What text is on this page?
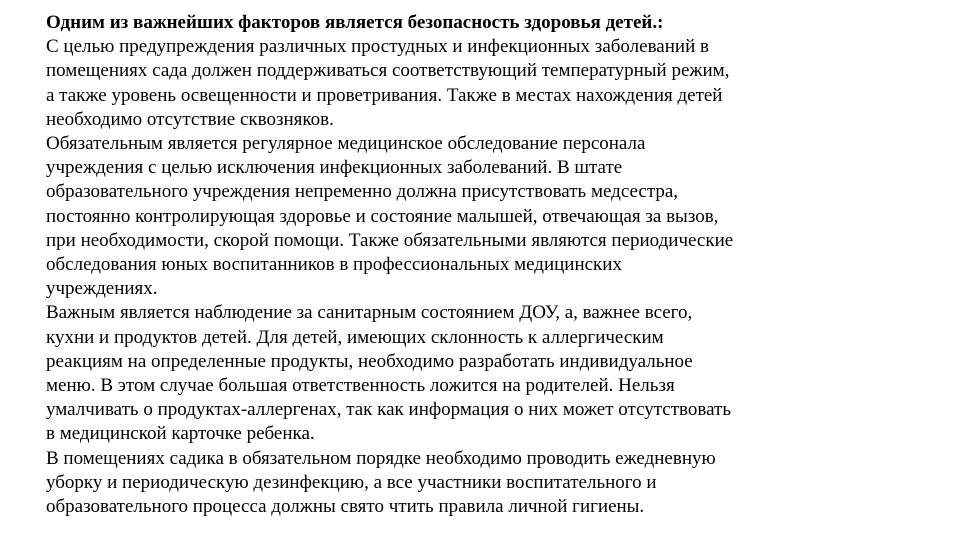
Одним из важнейших факторов является безопасность здоровья детей.:
С целью предупреждения различных простудных и инфекционных заболеваний в
помещениях сада должен поддерживаться соответствующий температурный режим,
а также уровень освещенности и проветривания. Также в местах нахождения детей
необходимо отсутствие сквозняков.
Обязательным является регулярное медицинское обследование персонала
учреждения с целью исключения инфекционных заболеваний. В штате
образовательного учреждения непременно должна присутствовать медсестра,
постоянно контролирующая здоровье и состояние малышей, отвечающая за вызов,
при необходимости, скорой помощи. Также обязательными являются периодические
обследования юных воспитанников в профессиональных медицинских
учреждениях.
Важным является наблюдение за санитарным состоянием ДОУ, а, важнее всего,
кухни и продуктов детей. Для детей, имеющих склонность к аллергическим
реакциям на определенные продукты, необходимо разработать индивидуальное
меню. В этом случае большая ответственность ложится на родителей. Нельзя
умалчивать о продуктах-аллергенах, так как информация о них может отсутствовать
в медицинской карточке ребенка.
В помещениях садика в обязательном порядке необходимо проводить ежедневную
уборку и периодическую дезинфекцию, а все участники воспитательного и
образовательного процесса должны свято чтить правила личной гигиены.
